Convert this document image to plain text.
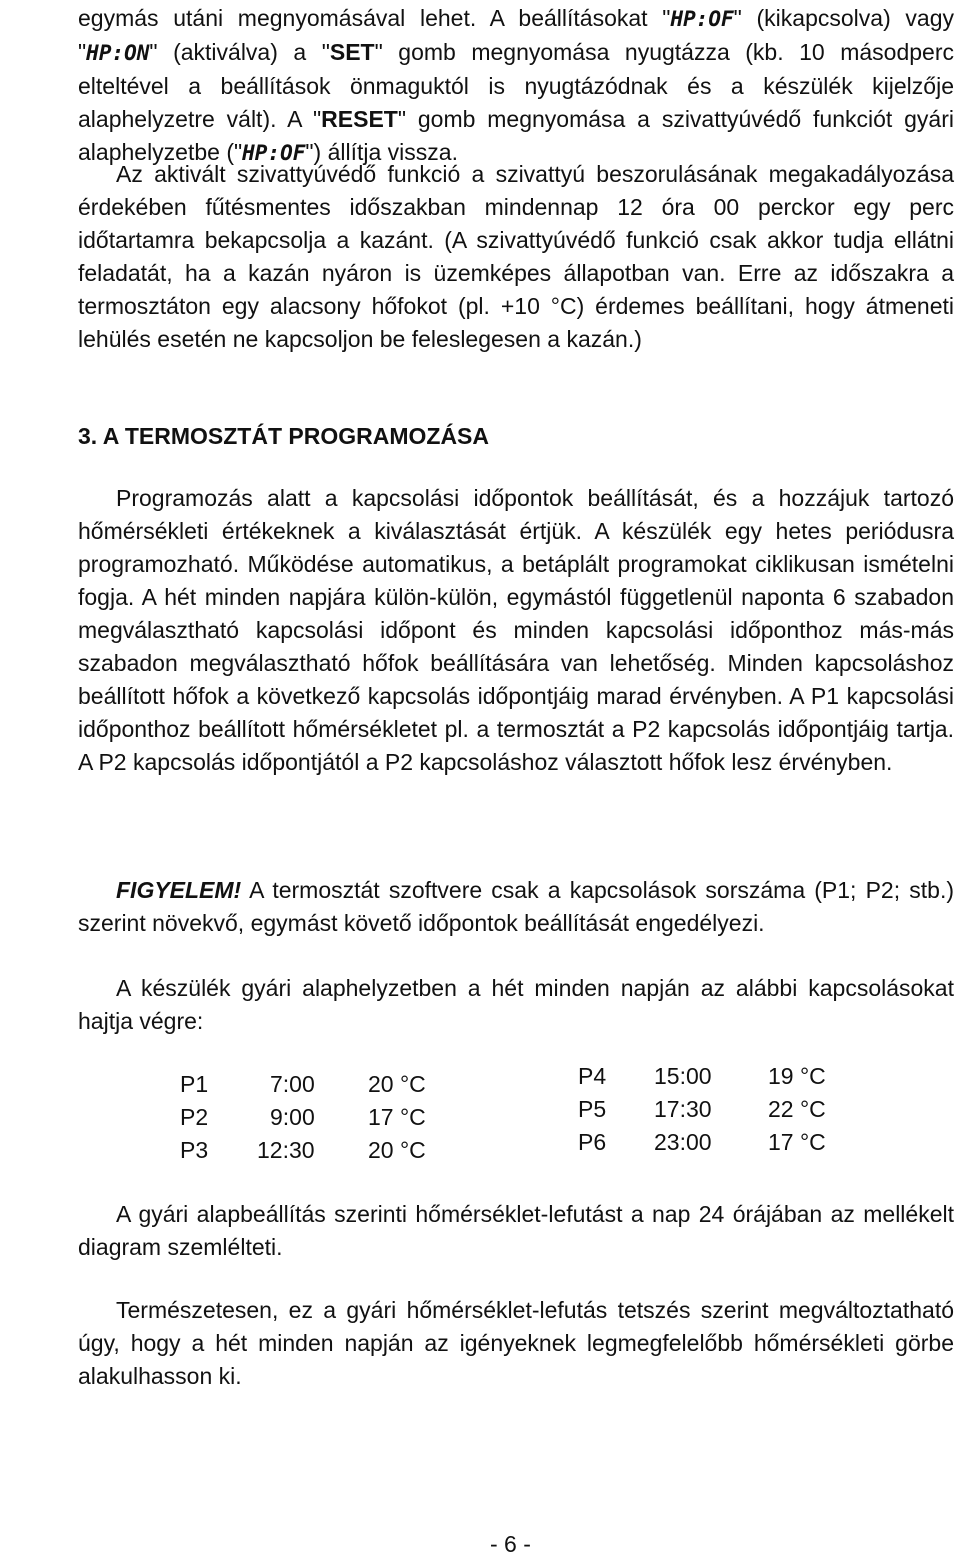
egymás utáni megnyomásával lehet. A beállításokat "HP:OF" (kikapcsolva) vagy "HP:ON" (aktiválva) a "SET" gomb megnyomása nyugtázza (kb. 10 másodperc elteltével a beállítások önmaguktól is nyugtázódnak és a készülék kijelzője alaphelyzetre vált). A "RESET" gomb megnyomása a szivattyúvédő funkciót gyári alaphelyzetbe ("HP:OF") állítja vissza.

Az aktivált szivattyúvédő funkció a szivattyú beszorulásának megakadályozása érdekében fűtésmentes időszakban mindennap 12 óra 00 perckor egy perc időtartamra bekapcsolja a kazánt. (A szivattyúvédő funkció csak akkor tudja ellátni feladatát, ha a kazán nyáron is üzemképes állapotban van. Erre az időszakra a termosztáton egy alacsony hőfokot (pl. +10 °C) érdemes beállítani, hogy átmeneti lehülés esetén ne kapcsoljon be feleslegesen a kazán.)

3. A TERMOSZTÁT PROGRAMOZÁSA

Programozás alatt a kapcsolási időpontok beállítását, és a hozzájuk tartozó hőmérsékleti értékeknek a kiválasztását értjük. A készülék egy hetes periódusra programozható. Működése automatikus, a betáplált programokat ciklikusan ismételni fogja. A hét minden napjára külön-külön, egymástól függetlenül naponta 6 szabadon megválasztható kapcsolási időpont és minden kapcsolási időponthoz más-más szabadon megválasztható hőfok beállítására van lehetőség. Minden kapcsoláshoz beállított hőfok a következő kapcsolás időpontjáig marad érvényben. A P1 kapcsolási időponthoz beállított hőmérsékletet pl. a termosztát a P2 kapcsolás időpontjáig tartja. A P2 kapcsolás időpontjától a P2 kapcsoláshoz választott hőfok lesz érvényben.

FIGYELEM! A termosztát szoftvere csak a kapcsolások sorszáma (P1; P2; stb.) szerint növekvő, egymást követő időpontok beállítását engedélyezi.

A készülék gyári alaphelyzetben a hét minden napján az alábbi kapcsolásokat hajtja végre:

P1	7:00 20 °C
P2	9:00 17 °C
P3 12:30 20 °C
P4 15:00 19 °C
P5 17:30 22 °C
P6 23:00 17 °C

A gyári alapbeállítás szerinti hőmérséklet-lefutást a nap 24 órájában az mellékelt diagram szemlélteti.

Természetesen, ez a gyári hőmérséklet-lefutás tetszés szerint megváltoztatható úgy, hogy a hét minden napján az igényeknek legmegfelelőbb hőmérsékleti görbe alakulhasson ki.

- 6 -
